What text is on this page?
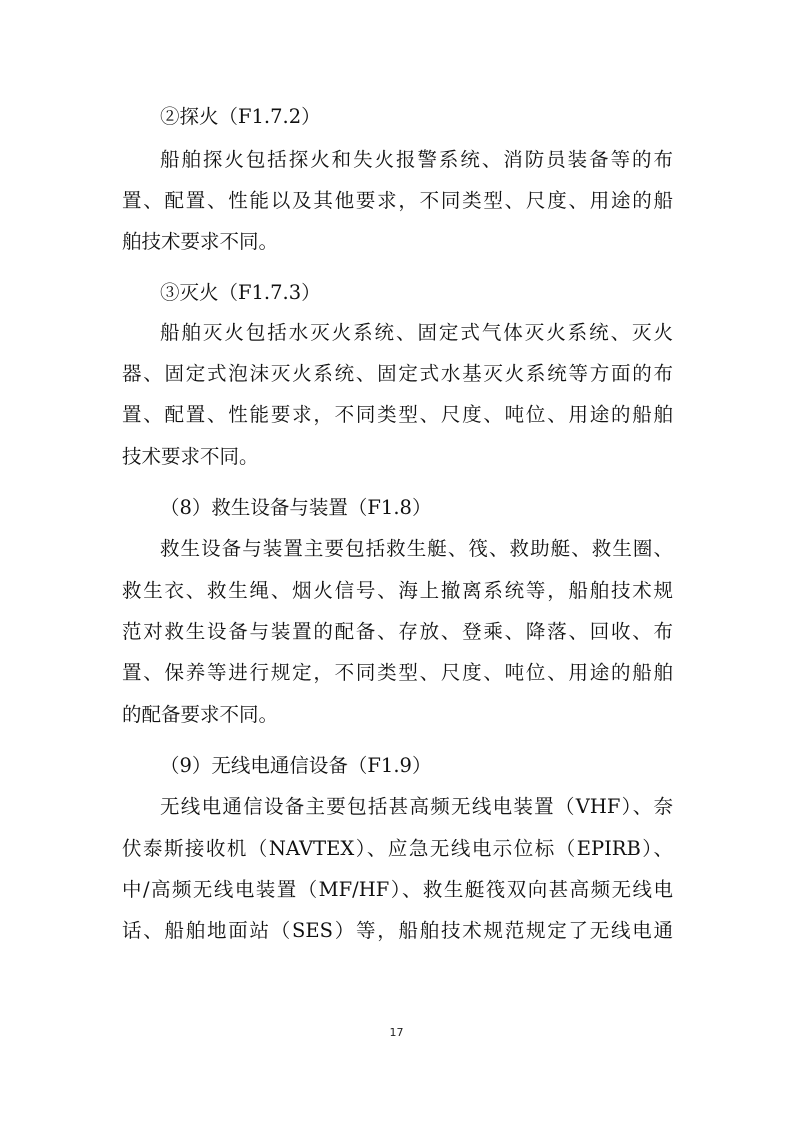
②探火（F1.7.2）
船舶探火包括探火和失火报警系统、消防员装备等的布
置、配置、性能以及其他要求，不同类型、尺度、用途的船
舶技术要求不同。
③灭火（F1.7.3）
船舶灭火包括水灭火系统、固定式气体灭火系统、灭火
器、固定式泡沫灭火系统、固定式水基灭火系统等方面的布
置、配置、性能要求，不同类型、尺度、吨位、用途的船舶
技术要求不同。
（8）救生设备与装置（F1.8）
救生设备与装置主要包括救生艇、筏、救助艇、救生圈、
救生衣、救生绳、烟火信号、海上撤离系统等，船舶技术规
范对救生设备与装置的配备、存放、登乘、降落、回收、布
置、保养等进行规定，不同类型、尺度、吨位、用途的船舶
的配备要求不同。
（9）无线电通信设备（F1.9）
无线电通信设备主要包括甚高频无线电装置（VHF）、奈
伏泰斯接收机（NAVTEX）、应急无线电示位标（EPIRB）、
中/高频无线电装置（MF/HF）、救生艇筏双向甚高频无线电
话、船舶地面站（SES）等，船舶技术规范规定了无线电通
17
